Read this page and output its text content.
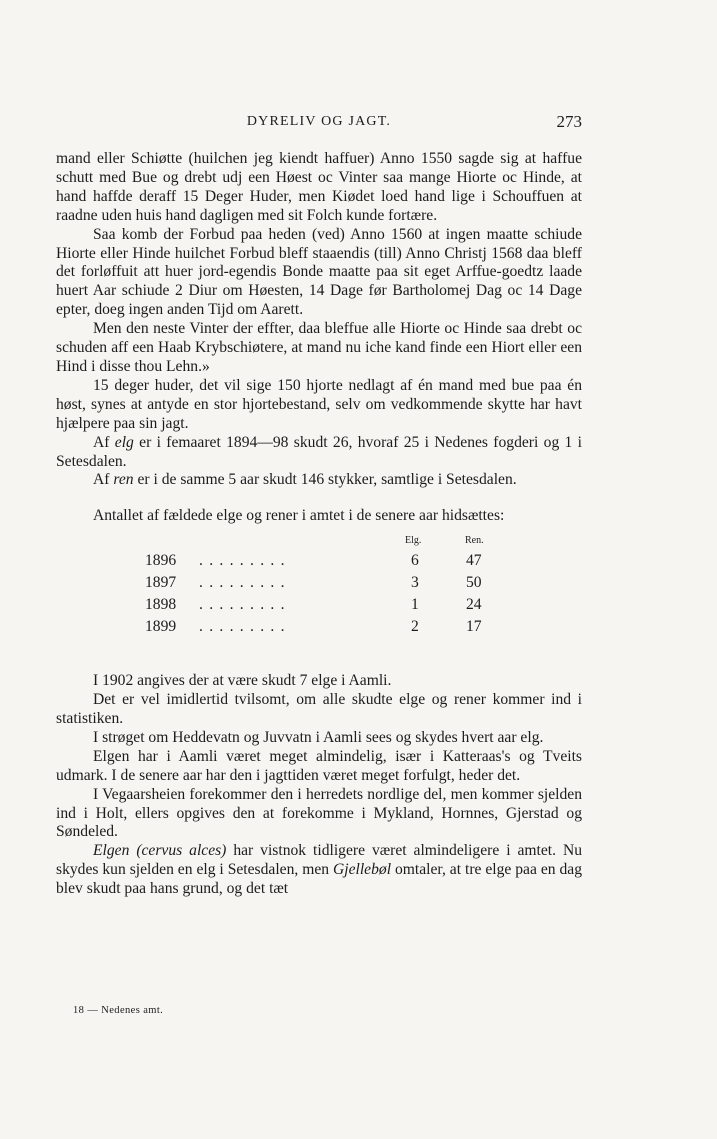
DYRELIV OG JAGT.	273

mand eller Schiøtte (huilchen jeg kiendt haffuer) Anno 1550 sagde sig at haffue schutt med Bue og drebt udj een Høest oc Vinter saa mange Hiorte oc Hinde, at hand haffde deraff 15 Deger Huder, men Kiødet loed hand lige i Schouffuen at raadne uden huis hand dagligen med sit Folch kunde fortære.

Saa komb der Forbud paa heden (ved) Anno 1560 at ingen maatte schiude Hiorte eller Hinde huilchet Forbud bleff staaendis (till) Anno Christj 1568 daa bleff det forløffuit att huer jord-egendis Bonde maatte paa sit eget Arffue-goedtz laade huert Aar schiude 2 Diur om Høesten, 14 Dage før Bartholomej Dag oc 14 Dage epter, doeg ingen anden Tijd om Aarett.

Men den neste Vinter der effter, daa bleffue alle Hiorte oc Hinde saa drebt oc schuden aff een Haab Krybschiøtere, at mand nu iche kand finde een Hiort eller een Hind i disse thou Lehn.»

15 deger huder, det vil sige 150 hjorte nedlagt af én mand med bue paa én høst, synes at antyde en stor hjortebestand, selv om vedkommende skytte har havt hjælpere paa sin jagt.

Af elg er i femaaret 1894—98 skudt 26, hvoraf 25 i Nedenes fogderi og 1 i Setesdalen.

Af ren er i de samme 5 aar skudt 146 stykker, samtlige i Setesdalen.

Antallet af fældede elge og rener i amtet i de senere aar hidsættes:

Elg.	Ren.
1896 .........	6	47
1897 .........	3	50
1898 .........	1	24
1899 .........	2	17

I 1902 angives der at være skudt 7 elge i Aamli.

Det er vel imidlertid tvilsomt, om alle skudte elge og rener kommer ind i statistiken.

I strøget om Heddevatn og Juvvatn i Aamli sees og skydes hvert aar elg.

Elgen har i Aamli været meget almindelig, især i Katteraas's og Tveits udmark. I de senere aar har den i jagttiden været meget forfulgt, heder det.

I Vegaarsheien forekommer den i herredets nordlige del, men kommer sjelden ind i Holt, ellers opgives den at forekomme i Mykland, Hornnes, Gjerstad og Søndeled.

Elgen (cervus alces) har vistnok tidligere været almindeligere i amtet. Nu skydes kun sjelden en elg i Setesdalen, men Gjellebøl omtaler, at tre elge paa en dag blev skudt paa hans grund, og det tæt

18 — Nedenes amt.
